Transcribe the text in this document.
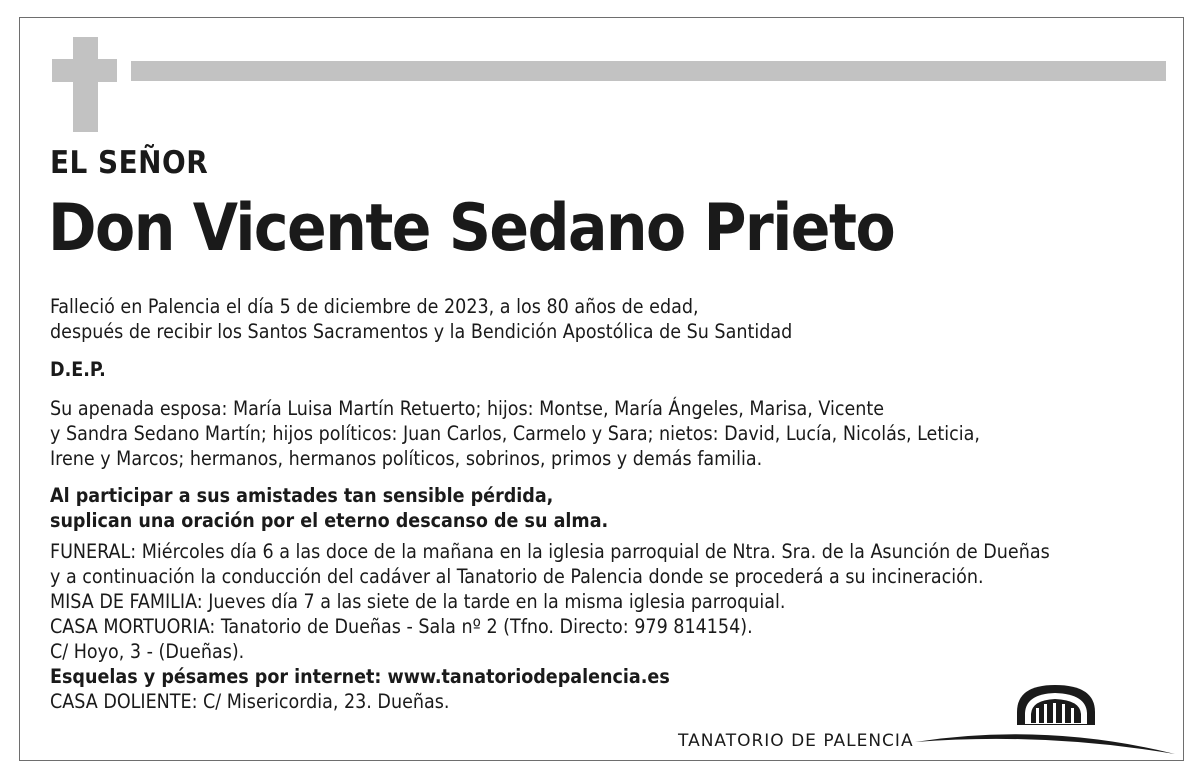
EL SEÑOR
Don Vicente Sedano Prieto
Falleció en Palencia el día 5 de diciembre de 2023, a los 80 años de edad,
después de recibir los Santos Sacramentos y la Bendición Apostólica de Su Santidad
D.E.P.
Su apenada esposa: María Luisa Martín Retuerto; hijos: Montse, María Ángeles, Marisa, Vicente
y Sandra Sedano Martín; hijos políticos: Juan Carlos, Carmelo y Sara; nietos: David, Lucía, Nicolás, Leticia,
Irene y Marcos; hermanos, hermanos políticos, sobrinos, primos y demás familia.
Al participar a sus amistades tan sensible pérdida,
suplican una oración por el eterno descanso de su alma.
FUNERAL: Miércoles día 6 a las doce de la mañana en la iglesia parroquial de Ntra. Sra. de la Asunción de Dueñas
y a continuación la conducción del cadáver al Tanatorio de Palencia donde se procederá a su incineración.
MISA DE FAMILIA: Jueves día 7 a las siete de la tarde en la misma iglesia parroquial.
CASA MORTUORIA: Tanatorio de Dueñas - Sala nº 2 (Tfno. Directo: 979 814154).
C/ Hoyo, 3 - (Dueñas).
Esquelas y pésames por internet: www.tanatoriodepalencia.es
CASA DOLIENTE: C/ Misericordia, 23. Dueñas.
TANATORIO DE PALENCIA
